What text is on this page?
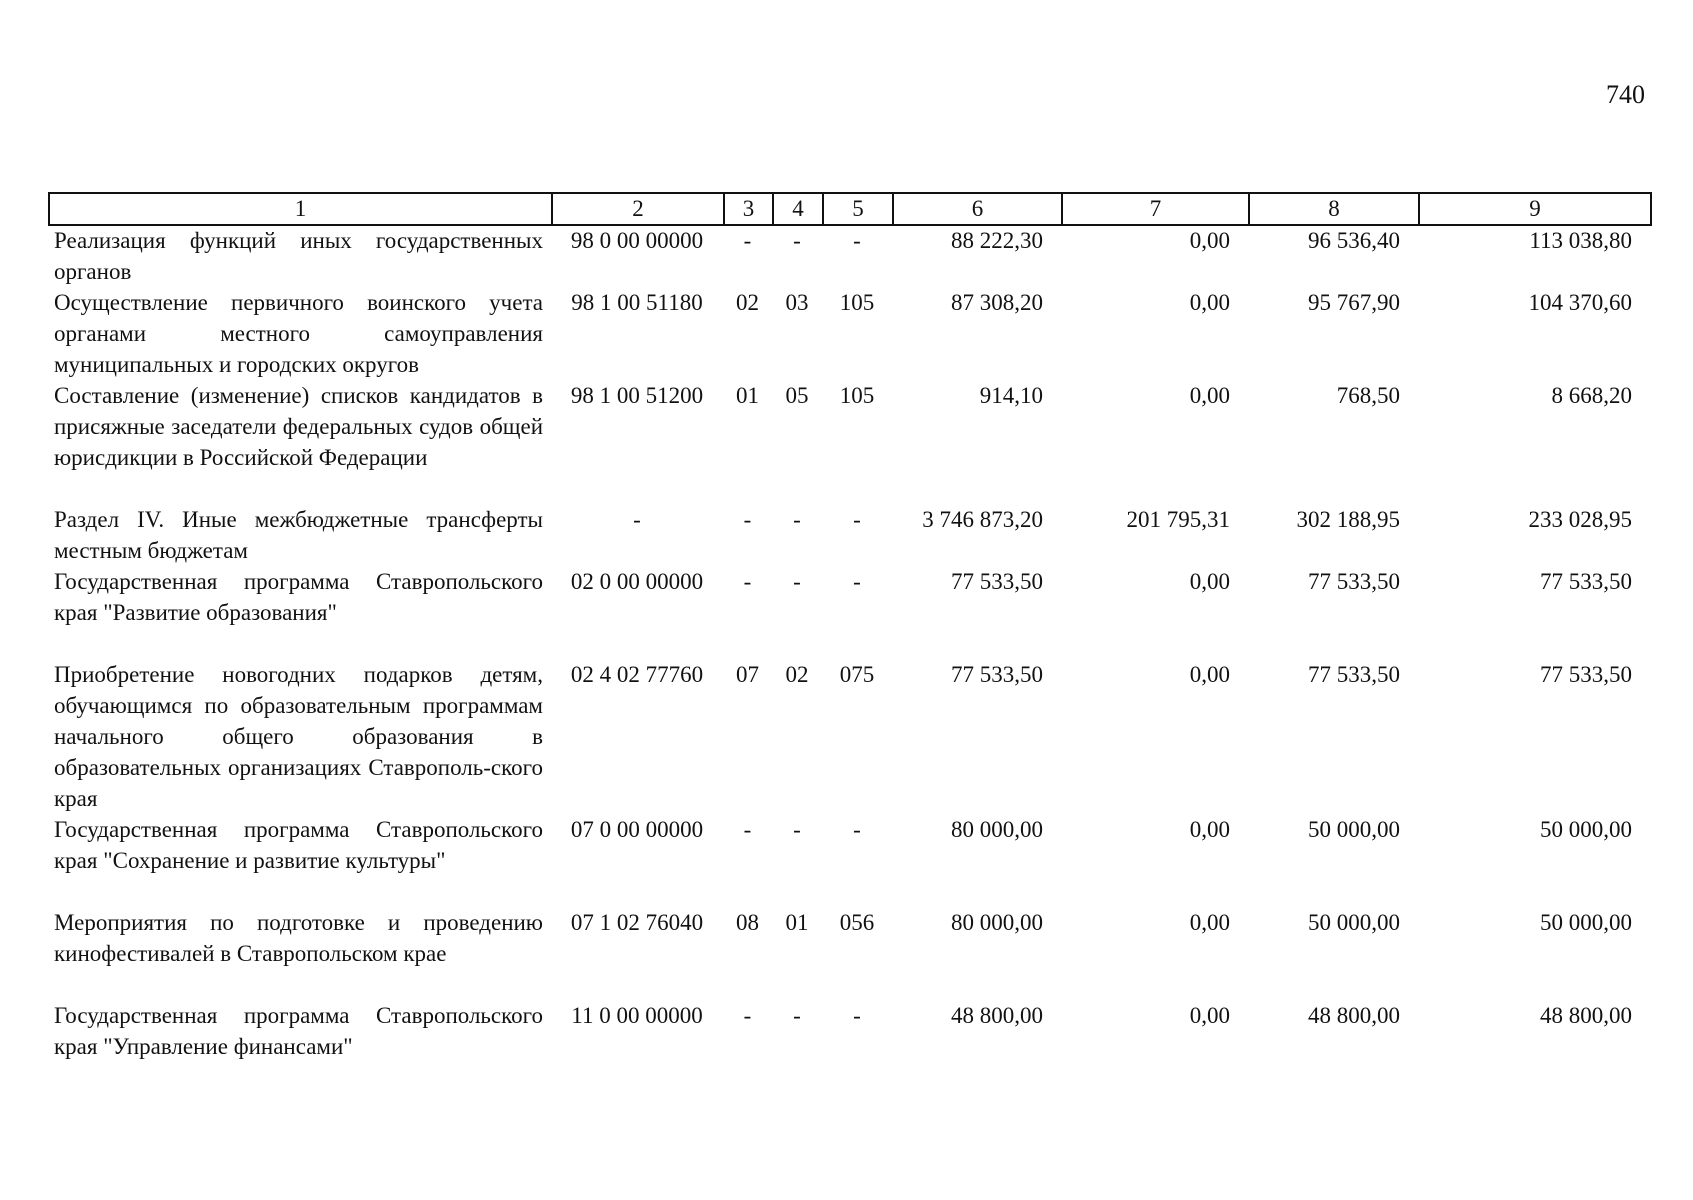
740
1	2	3	4	5	6	7	8	9
Реализация функций иных государственных органов	98 0 00 00000	-	-	-	88 222,30	0,00	96 536,40	113 038,80
Осуществление первичного воинского учета органами местного самоуправления муниципальных и городских округов	98 1 00 51180	02	03	105	87 308,20	0,00	95 767,90	104 370,60
Составление (изменение) списков кандидатов в присяжные заседатели федеральных судов общей юрисдикции в Российской Федерации	98 1 00 51200	01	05	105	914,10	0,00	768,50	8 668,20

Раздел IV. Иные межбюджетные трансферты местным бюджетам	-	-	-	-	3 746 873,20	201 795,31	302 188,95	233 028,95
Государственная программа Ставропольского края "Развитие образования"	02 0 00 00000	-	-	-	77 533,50	0,00	77 533,50	77 533,50

Приобретение новогодних подарков детям, обучающимся по образовательным программам начального общего образования в образовательных организациях Ставрополь-ского края	02 4 02 77760	07	02	075	77 533,50	0,00	77 533,50	77 533,50
Государственная программа Ставропольского края "Сохранение и развитие культуры"	07 0 00 00000	-	-	-	80 000,00	0,00	50 000,00	50 000,00

Мероприятия по подготовке и проведению кинофестивалей в Ставропольском крае	07 1 02 76040	08	01	056	80 000,00	0,00	50 000,00	50 000,00

Государственная программа Ставропольского края "Управление финансами"	11 0 00 00000	-	-	-	48 800,00	0,00	48 800,00	48 800,00
